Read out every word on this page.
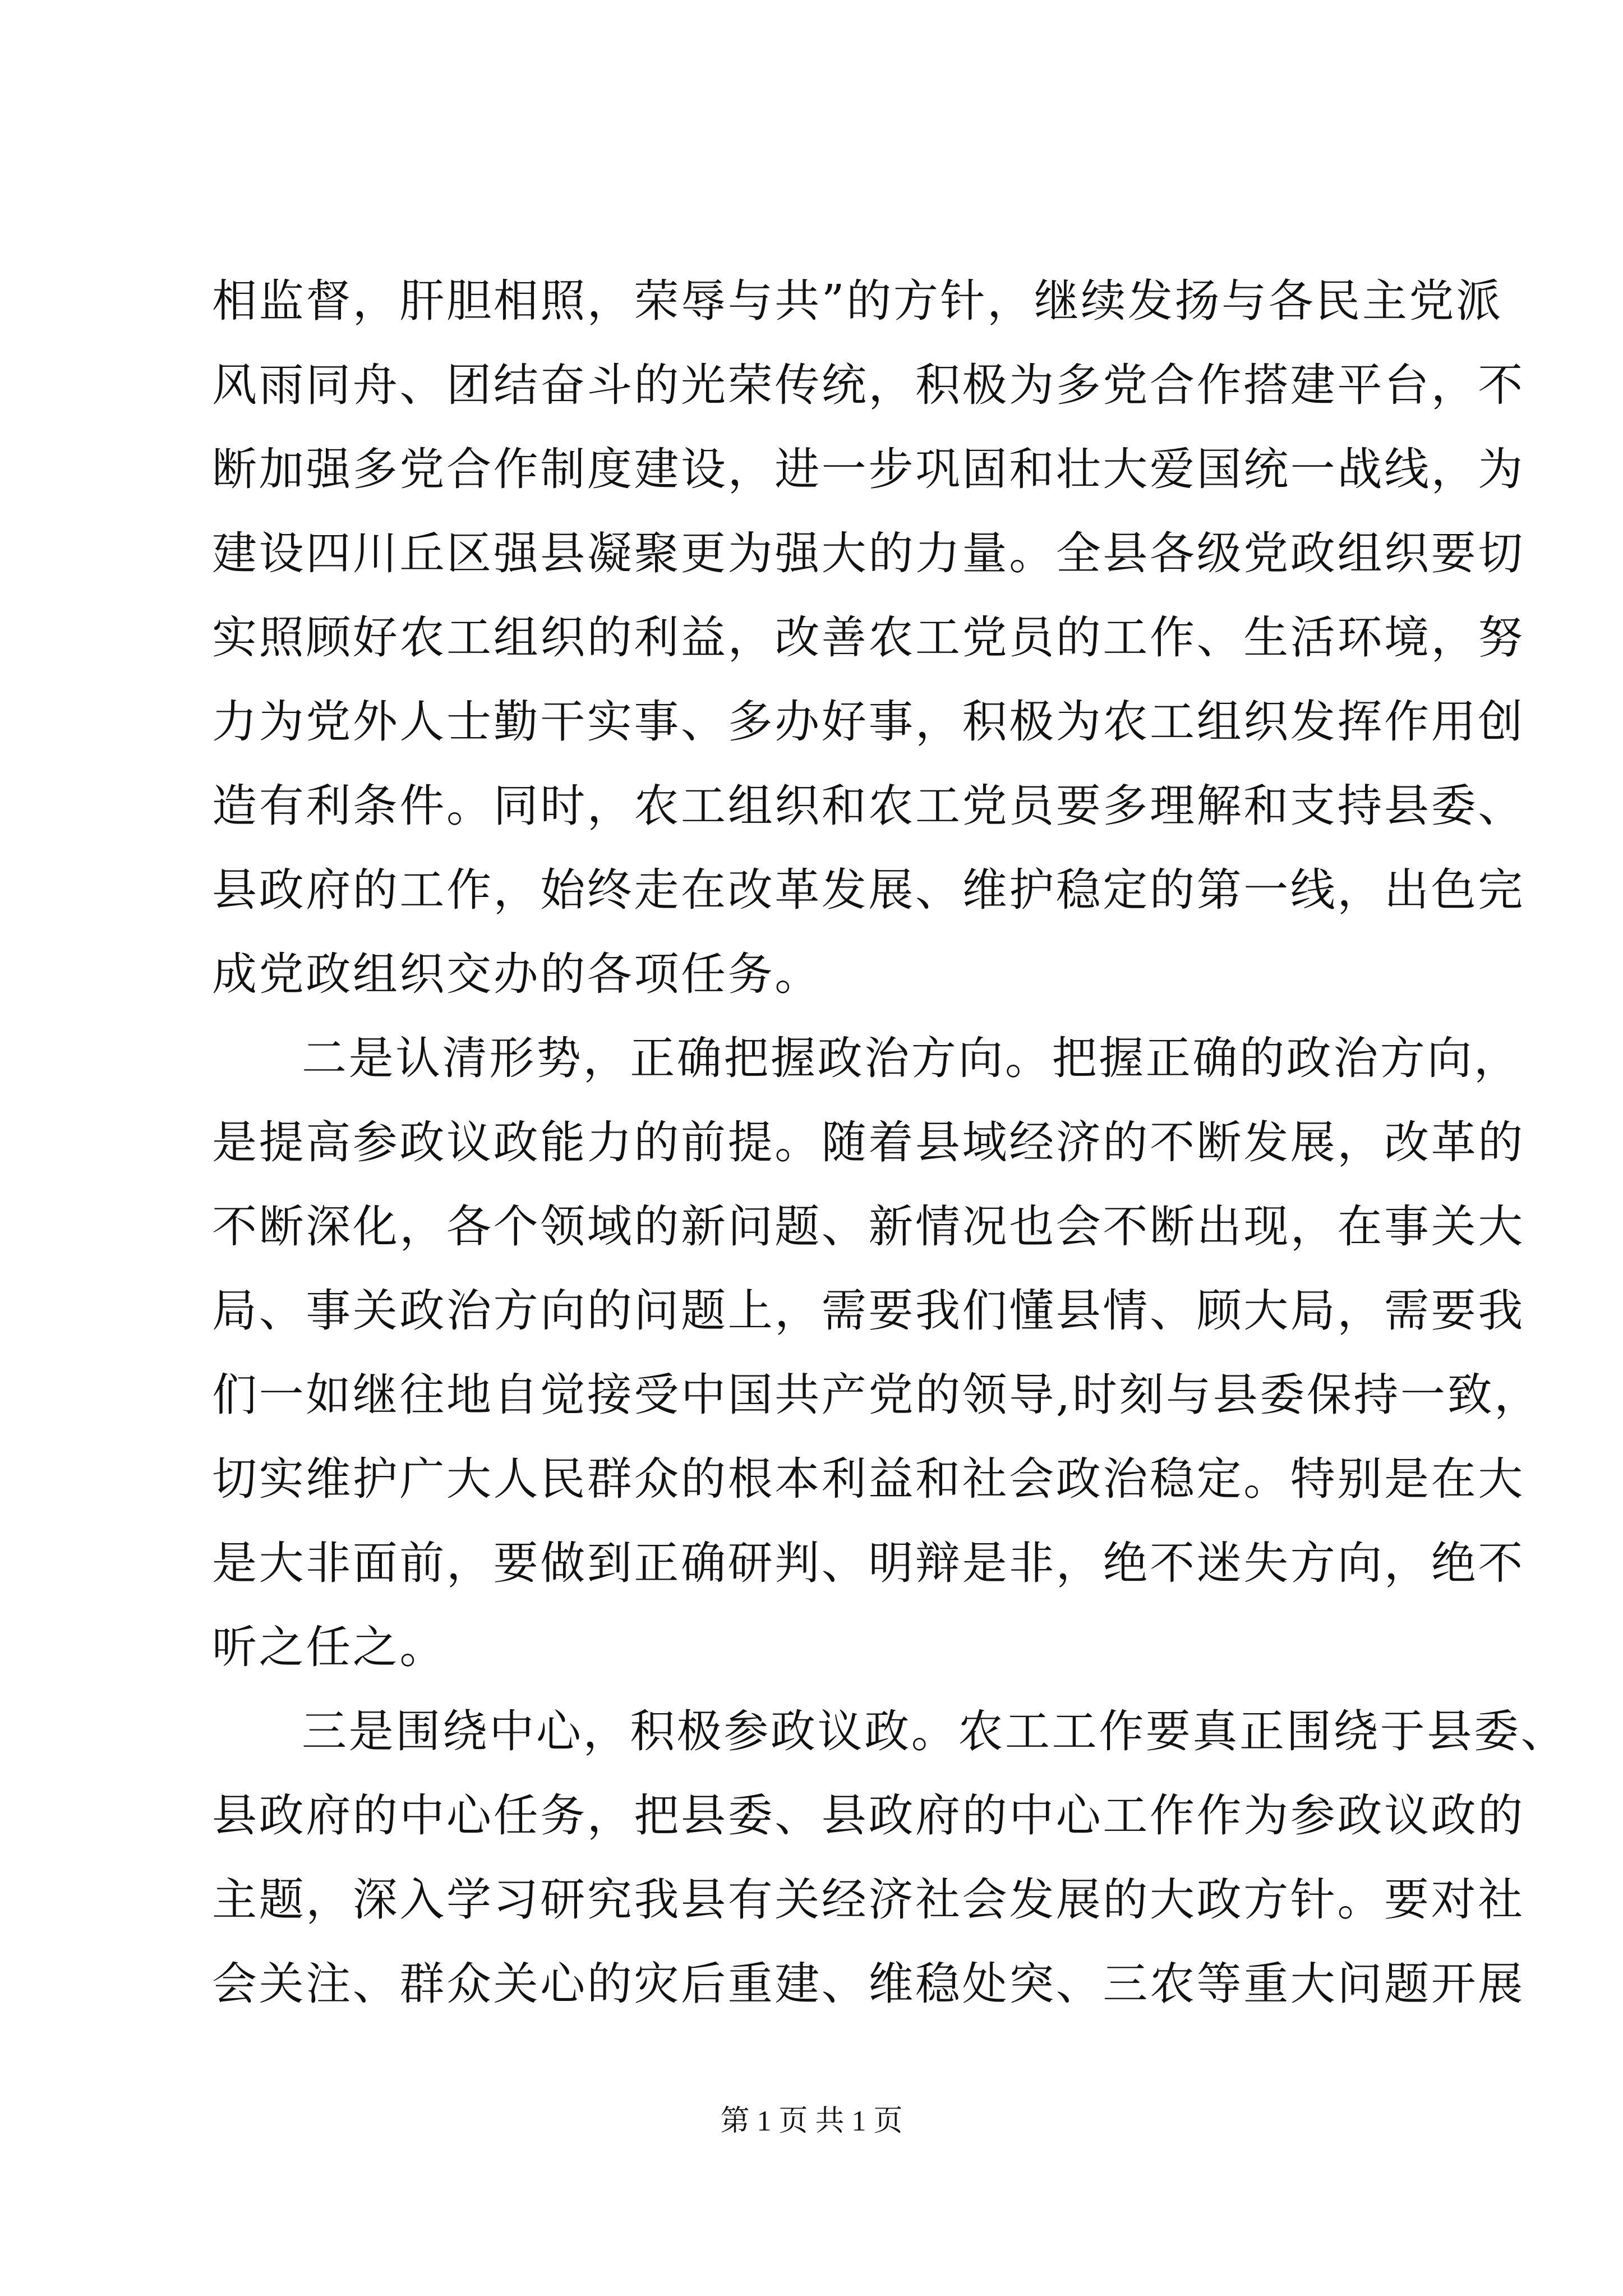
相监督，肝胆相照，荣辱与共”的方针，继续发扬与各民主党派
风雨同舟、团结奋斗的光荣传统，积极为多党合作搭建平台，不
断加强多党合作制度建设，进一步巩固和壮大爱国统一战线，为
建设四川丘区强县凝聚更为强大的力量。全县各级党政组织要切
实照顾好农工组织的利益，改善农工党员的工作、生活环境，努
力为党外人士勤干实事、多办好事，积极为农工组织发挥作用创
造有利条件。同时，农工组织和农工党员要多理解和支持县委、
县政府的工作，始终走在改革发展、维护稳定的第一线，出色完
成党政组织交办的各项任务。
二是认清形势，正确把握政治方向。把握正确的政治方向，
是提高参政议政能力的前提。随着县域经济的不断发展，改革的
不断深化，各个领域的新问题、新情况也会不断出现，在事关大
局、事关政治方向的问题上，需要我们懂县情、顾大局，需要我
们一如继往地自觉接受中国共产党的领导,时刻与县委保持一致，
切实维护广大人民群众的根本利益和社会政治稳定。特别是在大
是大非面前，要做到正确研判、明辩是非，绝不迷失方向，绝不
听之任之。
三是围绕中心，积极参政议政。农工工作要真正围绕于县委、
县政府的中心任务，把县委、县政府的中心工作作为参政议政的
主题，深入学习研究我县有关经济社会发展的大政方针。要对社
会关注、群众关心的灾后重建、维稳处突、三农等重大问题开展
第 1 页 共 1 页
